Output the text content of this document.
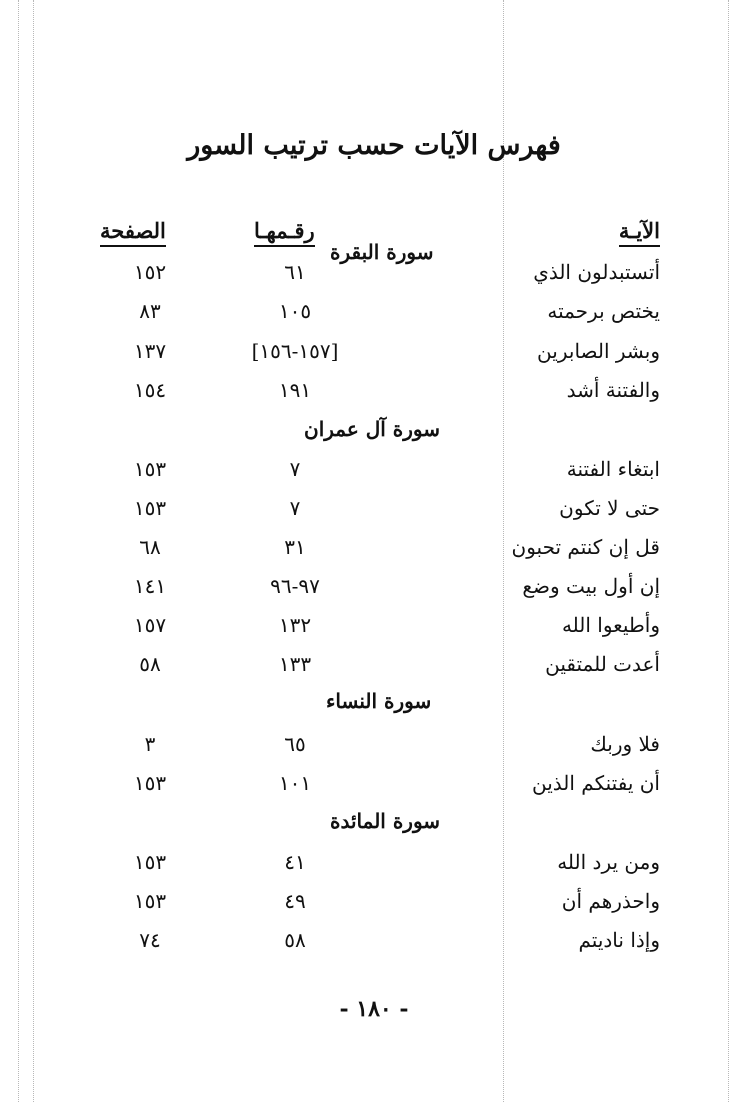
فهرس الآيات حسب ترتيب السور
الآيـة
رقـمهـا
الصفحة
سورة البقرة
سورة آل عمران
سورة النساء
سورة المائدة
أتستبدلون الذي
٦١
١٥٢
يختص برحمته
١٠٥
٨٣
وبشر الصابرين
[١٥٧-١٥٦]
١٣٧
والفتنة أشد
١٩١
١٥٤
ابتغاء الفتنة
٧
١٥٣
حتى لا تكون
٧
١٥٣
قل إن كنتم تحبون
٣١
٦٨
إن أول بيت وضع
٩٧-٩٦
١٤١
وأطيعوا الله
١٣٢
١٥٧
أعدت للمتقين
١٣٣
٥٨
فلا وربك
٦٥
٣
أن يفتنكم الذين
١٠١
١٥٣
ومن يرد الله
٤١
١٥٣
واحذرهم أن
٤٩
١٥٣
وإذا ناديتم
٥٨
٧٤
- ١٨٠ -
